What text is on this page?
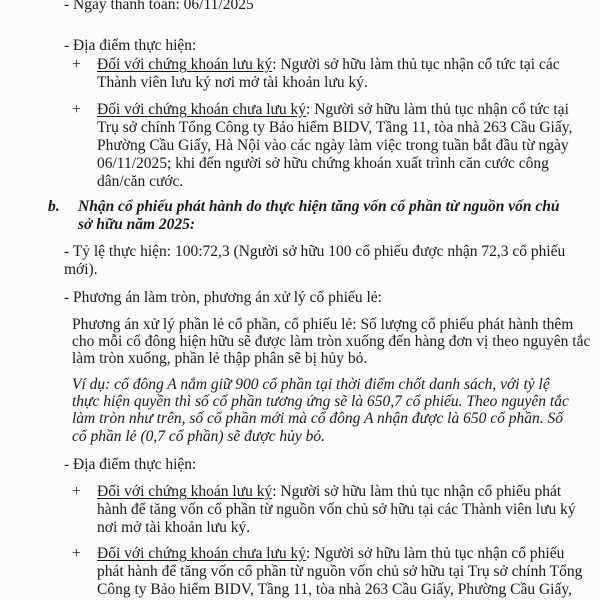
- Ngày thanh toán: 06/11/2025
- Địa điểm thực hiện:
+ Đối với chứng khoán lưu ký: Người sở hữu làm thủ tục nhận cổ tức tại các
Thành viên lưu ký nơi mở tài khoản lưu ký.
+ Đối với chứng khoán chưa lưu ký: Người sở hữu làm thủ tục nhận cổ tức tại
Trụ sở chính Tổng Công ty Bảo hiểm BIDV, Tầng 11, tòa nhà 263 Cầu Giấy,
Phường Cầu Giấy, Hà Nội vào các ngày làm việc trong tuần bắt đầu từ ngày
06/11/2025; khi đến người sở hữu chứng khoán xuất trình căn cước công
dân/căn cước.
b. Nhận cổ phiếu phát hành do thực hiện tăng vốn cổ phần từ nguồn vốn chủ
sở hữu năm 2025:
- Tỷ lệ thực hiện: 100:72,3 (Người sở hữu 100 cổ phiếu được nhận 72,3 cổ phiếu
mới).
- Phương án làm tròn, phương án xử lý cổ phiếu lẻ:
Phương án xử lý phần lẻ cổ phần, cổ phiếu lẻ: Số lượng cổ phiếu phát hành thêm
cho mỗi cổ đông hiện hữu sẽ được làm tròn xuống đến hàng đơn vị theo nguyên tắc
làm tròn xuống, phần lẻ thập phân sẽ bị hủy bỏ.
Ví dụ: cổ đông A nắm giữ 900 cổ phần tại thời điểm chốt danh sách, với tỷ lệ
thực hiện quyền thì số cổ phần tương ứng sẽ là 650,7 cổ phiếu. Theo nguyên tắc
làm tròn như trên, số cổ phần mới mà cổ đông A nhận được là 650 cổ phần. Số
cổ phần lẻ (0,7 cổ phần) sẽ được hủy bỏ.
- Địa điểm thực hiện:
+ Đối với chứng khoán lưu ký: Người sở hữu làm thủ tục nhận cổ phiếu phát
hành để tăng vốn cổ phần từ nguồn vốn chủ sở hữu tại các Thành viên lưu ký
nơi mở tài khoản lưu ký.
+ Đối với chứng khoán chưa lưu ký: Người sở hữu làm thủ tục nhận cổ phiếu
phát hành để tăng vốn cổ phần từ nguồn vốn chủ sở hữu tại Trụ sở chính Tổng
Công ty Bảo hiểm BIDV, Tầng 11, tòa nhà 263 Cầu Giấy, Phường Cầu Giấy,
